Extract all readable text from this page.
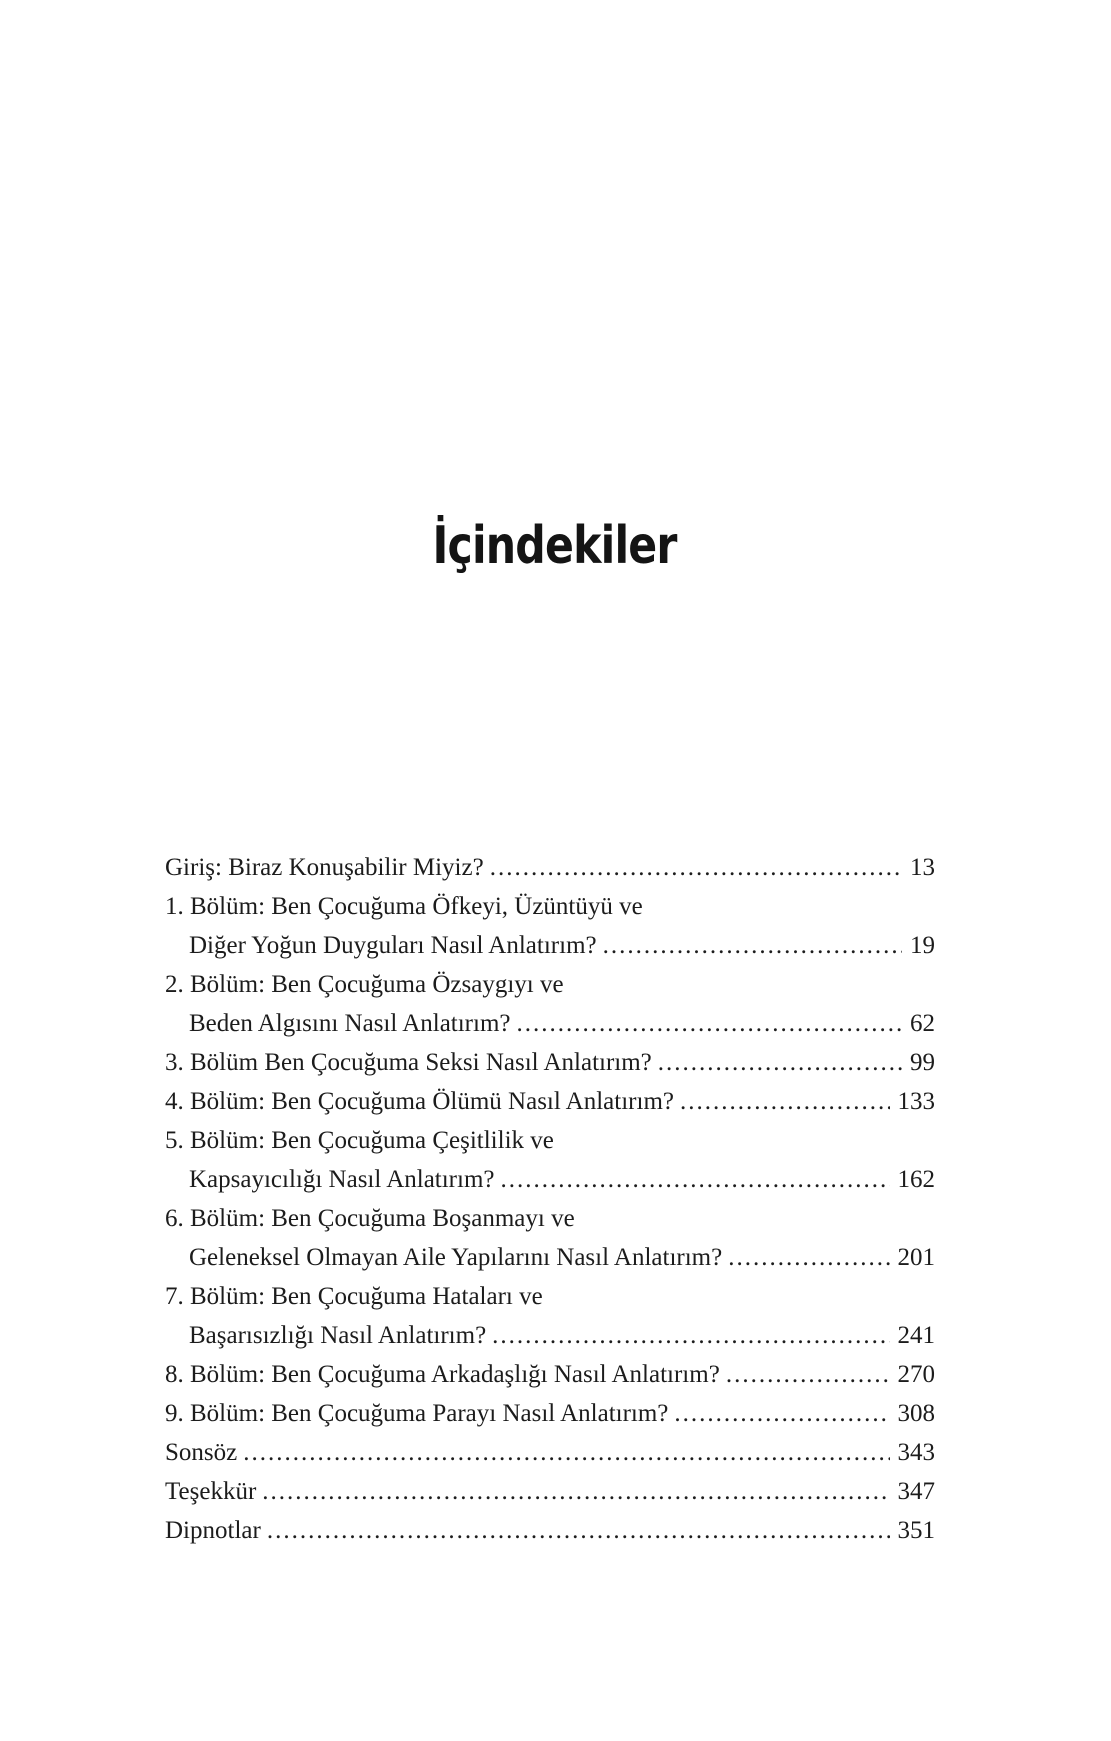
İçindekiler
Giriş: Biraz Konuşabilir Miyiz? .....	13
1. Bölüm: Ben Çocuğuma Öfkeyi, Üzüntüyü ve
Diğer Yoğun Duyguları Nasıl Anlatırım? .....	19
2. Bölüm: Ben Çocuğuma Özsaygıyı ve
Beden Algısını Nasıl Anlatırım? .....	62
3. Bölüm Ben Çocuğuma Seksi Nasıl Anlatırım? .....	99
4. Bölüm: Ben Çocuğuma Ölümü Nasıl Anlatırım? .....	133
5. Bölüm: Ben Çocuğuma Çeşitlilik ve
Kapsayıcılığı Nasıl Anlatırım? .....	162
6. Bölüm: Ben Çocuğuma Boşanmayı ve
Geleneksel Olmayan Aile Yapılarını Nasıl Anlatırım? .....	201
7. Bölüm: Ben Çocuğuma Hataları ve
Başarısızlığı Nasıl Anlatırım? .....	241
8. Bölüm: Ben Çocuğuma Arkadaşlığı Nasıl Anlatırım? .....	270
9. Bölüm: Ben Çocuğuma Parayı Nasıl Anlatırım? .....	308
Sonsöz .....	343
Teşekkür .....	347
Dipnotlar .....	351
